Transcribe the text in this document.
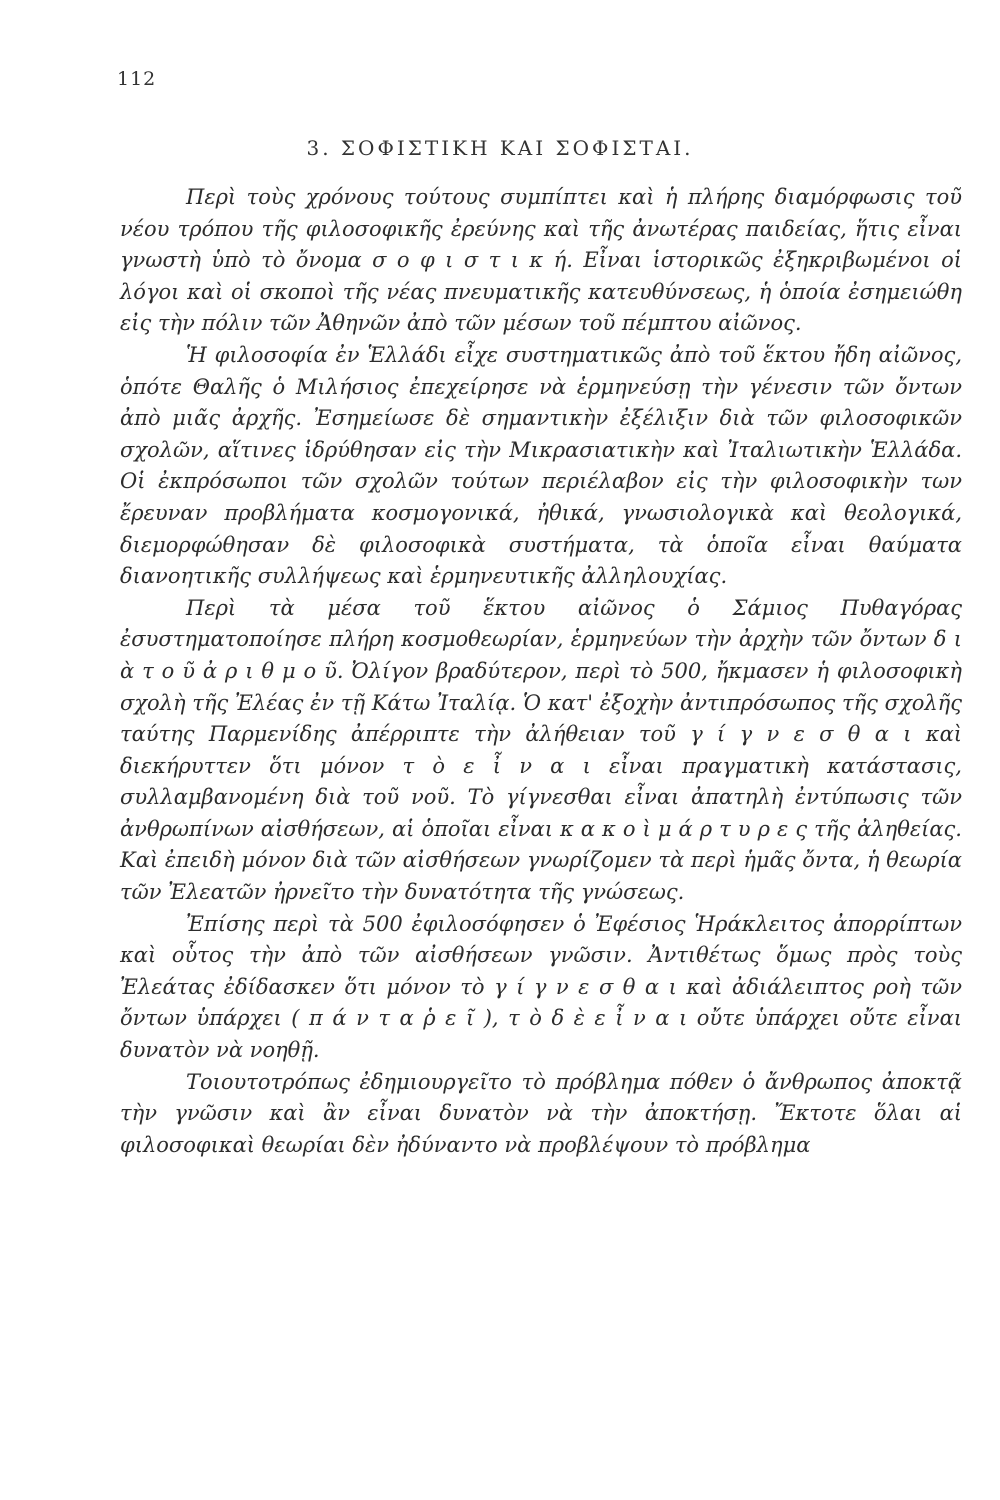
112
3. ΣΟΦΙΣΤΙΚΗ ΚΑΙ ΣΟΦΙΣΤΑΙ.

Περὶ τοὺς χρόνους τούτους συμπίπτει καὶ ἡ πλήρης διαμόρφωσις τοῦ νέου τρόπου τῆς φιλοσοφικῆς ἐρεύνης καὶ τῆς ἀνωτέρας παιδείας, ἥτις εἶναι γνωστὴ ὑπὸ τὸ ὄνομα σ ο φ ι σ τ ι κ ή. Εἶναι ἱστορικῶς ἐξηκριβωμένοι οἱ λόγοι καὶ οἱ σκοποὶ τῆς νέας πνευματικῆς κατευθύνσεως, ἡ ὁποία ἐσημειώθη εἰς τὴν πόλιν τῶν Ἀθηνῶν ἀπὸ τῶν μέσων τοῦ πέμπτου αἰῶνος.

Ἡ φιλοσοφία ἐν Ἑλλάδι εἶχε συστηματικῶς ἀπὸ τοῦ ἕκτου ἤδη αἰῶνος, ὁπότε Θαλῆς ὁ Μιλήσιος ἐπεχείρησε νὰ ἑρμηνεύσῃ τὴν γένεσιν τῶν ὄντων ἀπὸ μιᾶς ἀρχῆς. Ἐσημείωσε δὲ σημαντικὴν ἐξέλιξιν διὰ τῶν φιλοσοφικῶν σχολῶν, αἵτινες ἱδρύθησαν εἰς τὴν Μικρασιατικὴν καὶ Ἰταλιωτικὴν Ἑλλάδα. Οἱ ἐκπρόσωποι τῶν σχολῶν τούτων περιέλαβον εἰς τὴν φιλοσοφικὴν των ἔρευναν προβλήματα κοσμογονικά, ἠθικά, γνωσιολογικὰ καὶ θεολογικά, διεμορφώθησαν δὲ φιλοσοφικὰ συστήματα, τὰ ὁποῖα εἶναι θαύματα διανοητικῆς συλλήψεως καὶ ἑρμηνευτικῆς ἀλληλουχίας.

Περὶ τὰ μέσα τοῦ ἕκτου αἰῶνος ὁ Σάμιος Πυθαγόρας ἐσυστηματοποίησε πλήρη κοσμοθεωρίαν, ἑρμηνεύων τὴν ἀρχὴν τῶν ὄντων δ ι ὰ τ ο ῦ ἀ ρ ι θ μ ο ῦ. Ὀλίγον βραδύτερον, περὶ τὸ 500, ἤκμασεν ἡ φιλοσοφικὴ σχολὴ τῆς Ἐλέας ἐν τῇ Κάτω Ἰταλίᾳ. Ὁ κατ' ἐξοχὴν ἀντιπρόσωπος τῆς σχολῆς ταύτης Παρμενίδης ἀπέρριπτε τὴν ἀλήθειαν τοῦ γ ί γ ν ε σ θ α ι καὶ διεκήρυττεν ὅτι μόνον τ ὸ ε ἶ ν α ι εἶναι πραγματικὴ κατάστασις, συλλαμβανομένη διὰ τοῦ νοῦ. Τὸ γίγνεσθαι εἶναι ἀπατηλὴ ἐντύπωσις τῶν ἀνθρωπίνων αἰσθήσεων, αἱ ὁποῖαι εἶναι κ α κ ο ὶ μ ά ρ τ υ ρ ε ς τῆς ἀληθείας. Καὶ ἐπειδὴ μόνον διὰ τῶν αἰσθήσεων γνωρίζομεν τὰ περὶ ἡμᾶς ὄντα, ἡ θεωρία τῶν Ἐλεατῶν ἠρνεῖτο τὴν δυνατότητα τῆς γνώσεως.

Ἐπίσης περὶ τὰ 500 ἐφιλοσόφησεν ὁ Ἐφέσιος Ἡράκλειτος ἀπορρίπτων καὶ οὗτος τὴν ἀπὸ τῶν αἰσθήσεων γνῶσιν. Ἀντιθέτως ὅμως πρὸς τοὺς Ἐλεάτας ἐδίδασκεν ὅτι μόνον τὸ γ ί γ ν ε σ θ α ι καὶ ἀδιάλειπτος ροὴ τῶν ὄντων ὑπάρχει ( π ά ν τ α ῥ ε ῖ ), τ ὸ δ ὲ ε ἶ ν α ι οὔτε ὑπάρχει οὔτε εἶναι δυνατὸν νὰ νοηθῇ.

Τοιουτοτρόπως ἐδημιουργεῖτο τὸ πρόβλημα πόθεν ὁ ἄνθρωπος ἀποκτᾷ τὴν γνῶσιν καὶ ἂν εἶναι δυνατὸν νὰ τὴν ἀποκτήσῃ. Ἔκτοτε ὅλαι αἱ φιλοσοφικαὶ θεωρίαι δὲν ἠδύναντο νὰ προβλέψουν τὸ πρόβλημα
